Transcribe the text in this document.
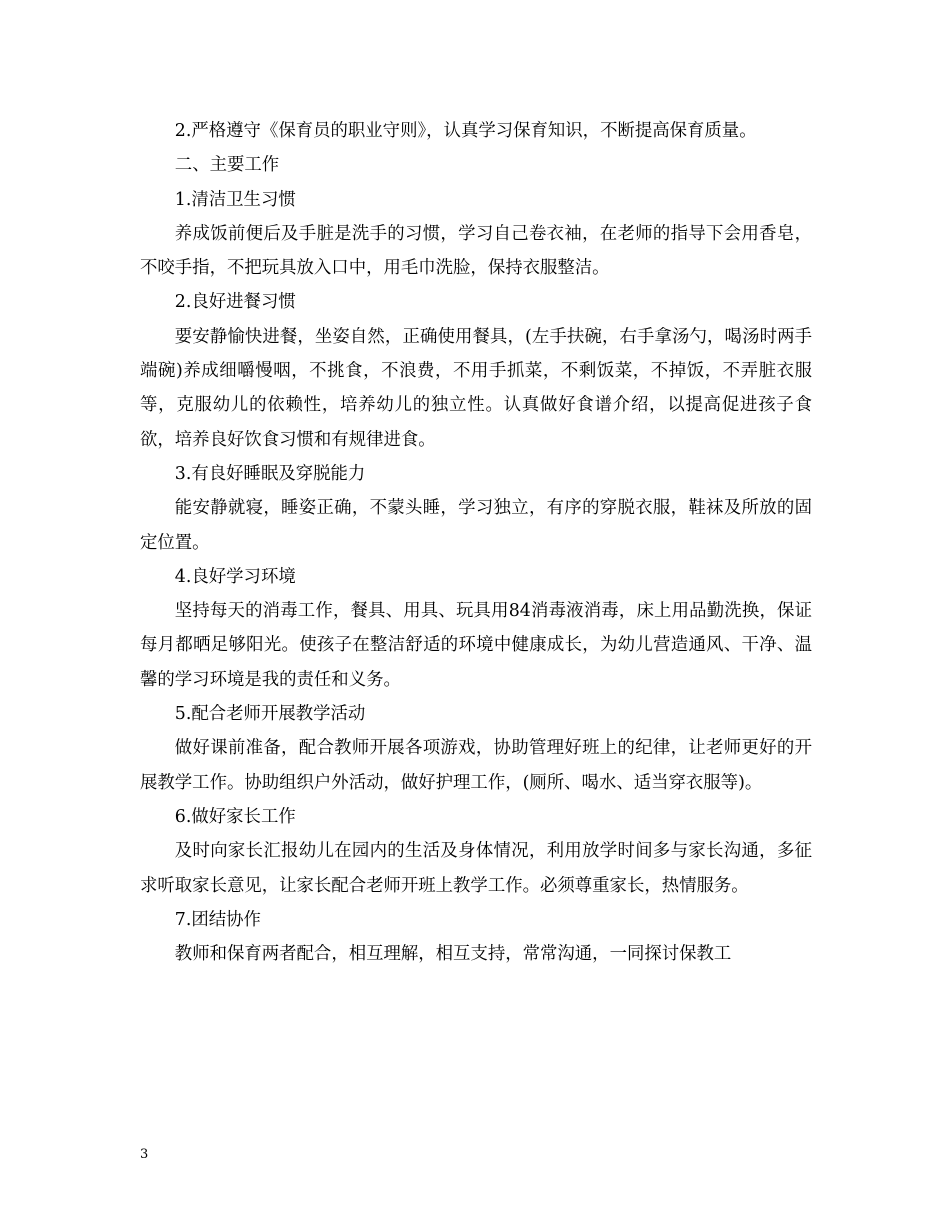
2.严格遵守《保育员的职业守则》，认真学习保育知识，不断提高保育质量。

二、主要工作

1.清洁卫生习惯

养成饭前便后及手脏是洗手的习惯，学习自己卷衣袖，在老师的指导下会用香皂，不咬手指，不把玩具放入口中，用毛巾洗脸，保持衣服整洁。

2.良好进餐习惯

要安静愉快进餐，坐姿自然，正确使用餐具，(左手扶碗，右手拿汤勺，喝汤时两手端碗)养成细嚼慢咽，不挑食，不浪费，不用手抓菜，不剩饭菜，不掉饭，不弄脏衣服等，克服幼儿的依赖性，培养幼儿的独立性。认真做好食谱介绍，以提高促进孩子食欲，培养良好饮食习惯和有规律进食。

3.有良好睡眠及穿脱能力

能安静就寝，睡姿正确，不蒙头睡，学习独立，有序的穿脱衣服，鞋袜及所放的固定位置。

4.良好学习环境

坚持每天的消毒工作，餐具、用具、玩具用84消毒液消毒，床上用品勤洗换，保证每月都晒足够阳光。使孩子在整洁舒适的环境中健康成长，为幼儿营造通风、干净、温馨的学习环境是我的责任和义务。

5.配合老师开展教学活动

做好课前准备，配合教师开展各项游戏，协助管理好班上的纪律，让老师更好的开展教学工作。协助组织户外活动，做好护理工作，(厕所、喝水、适当穿衣服等)。

6.做好家长工作

及时向家长汇报幼儿在园内的生活及身体情况，利用放学时间多与家长沟通，多征求听取家长意见，让家长配合老师开班上教学工作。必须尊重家长，热情服务。

7.团结协作

教师和保育两者配合，相互理解，相互支持，常常沟通，一同探讨保教工

3
